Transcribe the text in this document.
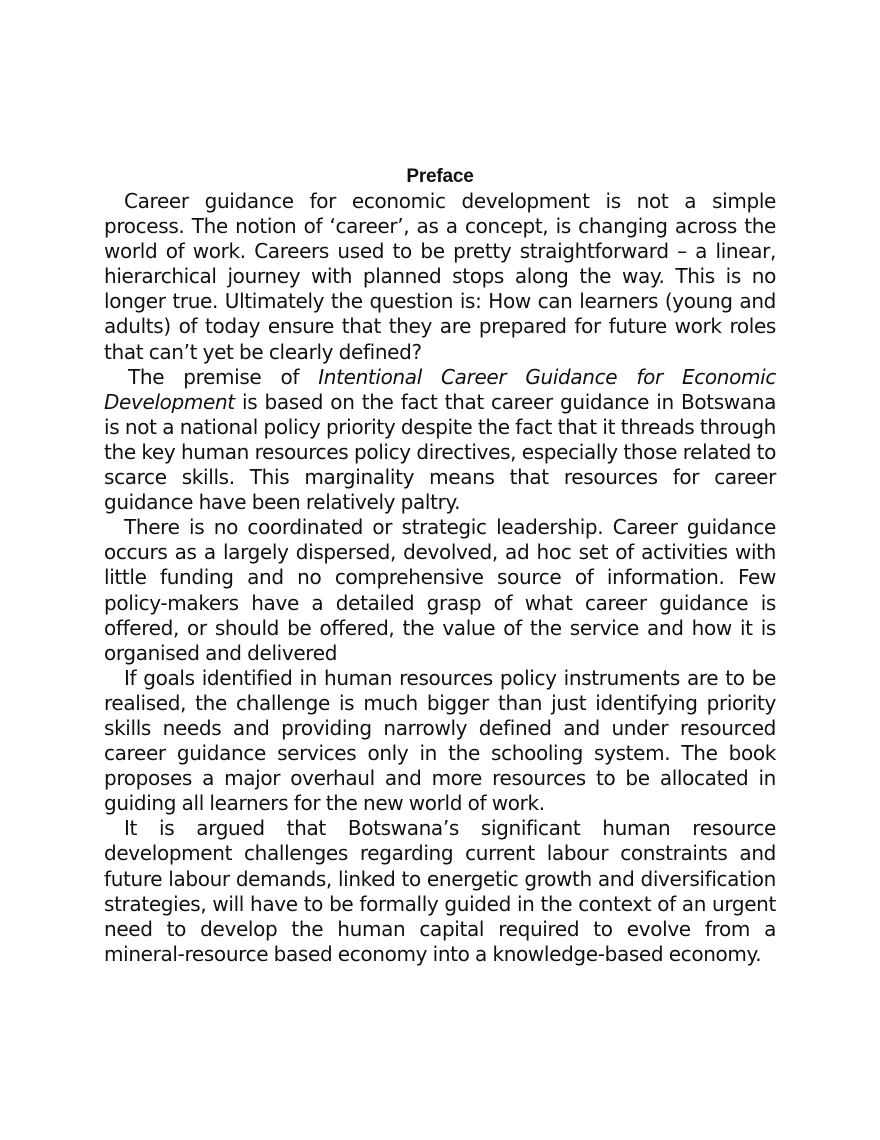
Preface

Career guidance for economic development is not a simple process. The notion of ‘career’, as a concept, is changing across the world of work. Careers used to be pretty straightforward – a linear, hierarchical journey with planned stops along the way. This is no longer true. Ultimately the question is: How can learners (young and adults) of today ensure that they are prepared for future work roles that can’t yet be clearly defined?

The premise of Intentional Career Guidance for Economic Development is based on the fact that career guidance in Botswana is not a national policy priority despite the fact that it threads through the key human resources policy directives, especially those related to scarce skills. This marginality means that resources for career guidance have been relatively paltry.

There is no coordinated or strategic leadership. Career guidance occurs as a largely dispersed, devolved, ad hoc set of activities with little funding and no comprehensive source of information. Few policy-makers have a detailed grasp of what career guidance is offered, or should be offered, the value of the service and how it is organised and delivered

If goals identified in human resources policy instruments are to be realised, the challenge is much bigger than just identifying priority skills needs and providing narrowly defined and under resourced career guidance services only in the schooling system. The book proposes a major overhaul and more resources to be allocated in guiding all learners for the new world of work.

It is argued that Botswana’s significant human resource development challenges regarding current labour constraints and future labour demands, linked to energetic growth and diversification strategies, will have to be formally guided in the context of an urgent need to develop the human capital required to evolve from a mineral-resource based economy into a knowledge-based economy.
